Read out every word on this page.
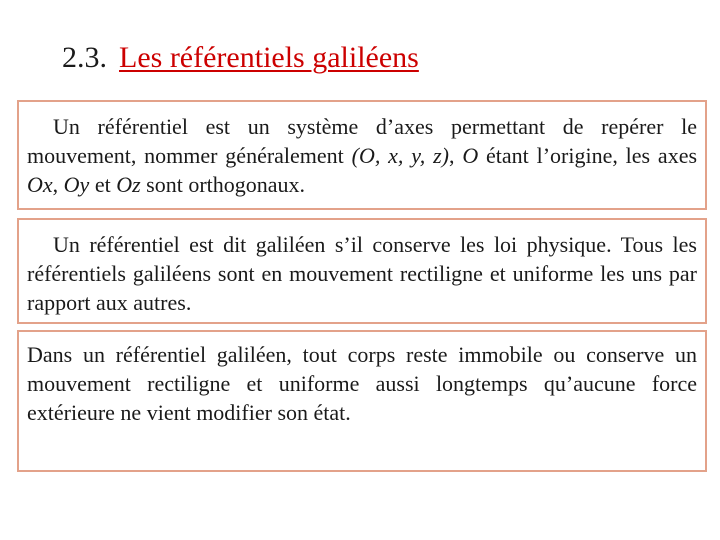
2.3. Les référentiels galiléens

Un référentiel est un système d’axes permettant de repérer le mouvement, nommer généralement (O, x, y, z), O étant l’origine, les axes Ox, Oy et Oz sont orthogonaux.

Un référentiel est dit galiléen s’il conserve les loi physique. Tous les référentiels galiléens sont en mouvement rectiligne et uniforme les uns par rapport aux autres.

Dans un référentiel galiléen, tout corps reste immobile ou conserve un mouvement rectiligne et uniforme aussi longtemps qu’aucune force extérieure ne vient modifier son état.
